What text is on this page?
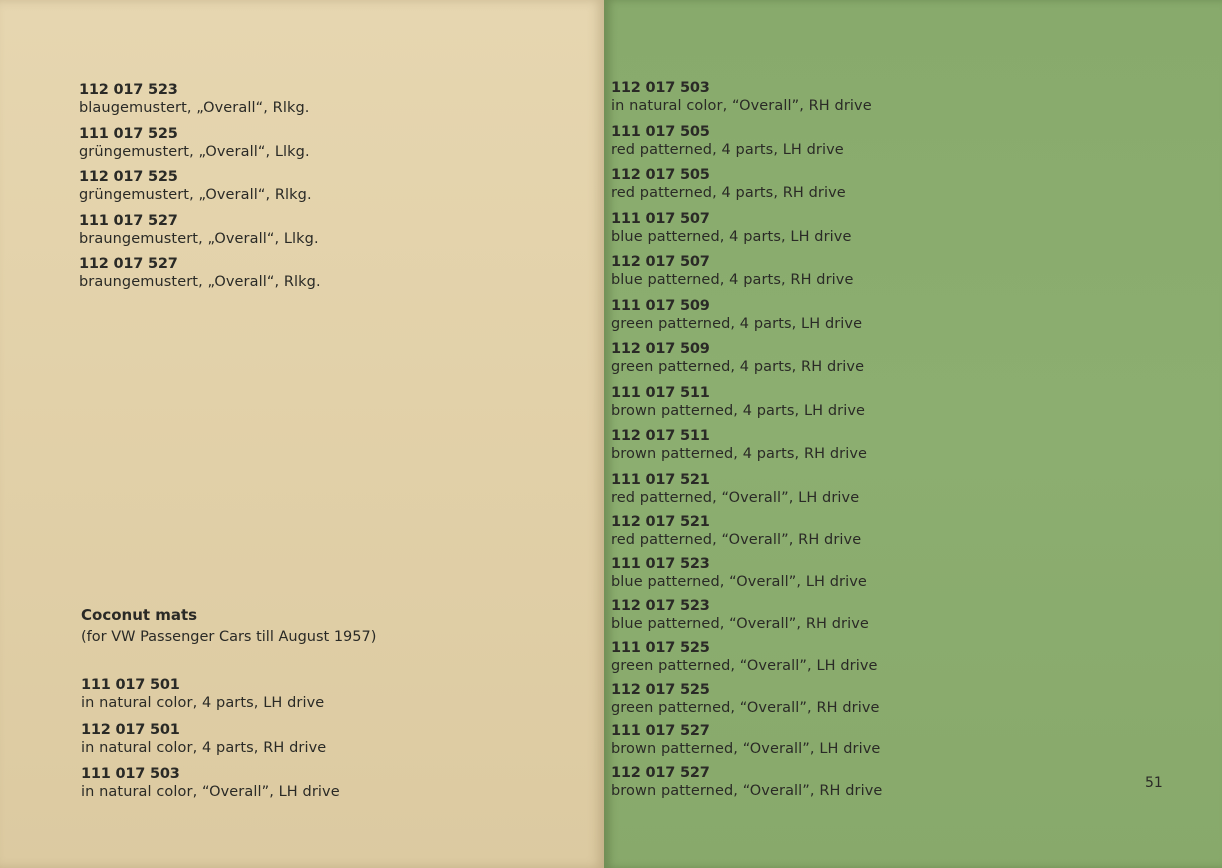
112 017 523
blaugemustert, „Overall“, Rlkg.
111 017 525
grüngemustert, „Overall“, Llkg.
112 017 525
grüngemustert, „Overall“, Rlkg.
111 017 527
braungemustert, „Overall“, Llkg.
112 017 527
braungemustert, „Overall“, Rlkg.
Coconut mats
(for VW Passenger Cars till August 1957)
111 017 501
in natural color, 4 parts, LH drive
112 017 501
in natural color, 4 parts, RH drive
111 017 503
in natural color, “Overall”, LH drive
112 017 503
in natural color, “Overall”, RH drive
111 017 505
red patterned, 4 parts, LH drive
112 017 505
red patterned, 4 parts, RH drive
111 017 507
blue patterned, 4 parts, LH drive
112 017 507
blue patterned, 4 parts, RH drive
111 017 509
green patterned, 4 parts, LH drive
112 017 509
green patterned, 4 parts, RH drive
111 017 511
brown patterned, 4 parts, LH drive
112 017 511
brown patterned, 4 parts, RH drive
111 017 521
red patterned, “Overall”, LH drive
112 017 521
red patterned, “Overall”, RH drive
111 017 523
blue patterned, “Overall”, LH drive
112 017 523
blue patterned, “Overall”, RH drive
111 017 525
green patterned, “Overall”, LH drive
112 017 525
green patterned, “Overall”, RH drive
111 017 527
brown patterned, “Overall”, LH drive
112 017 527
brown patterned, “Overall”, RH drive	51
